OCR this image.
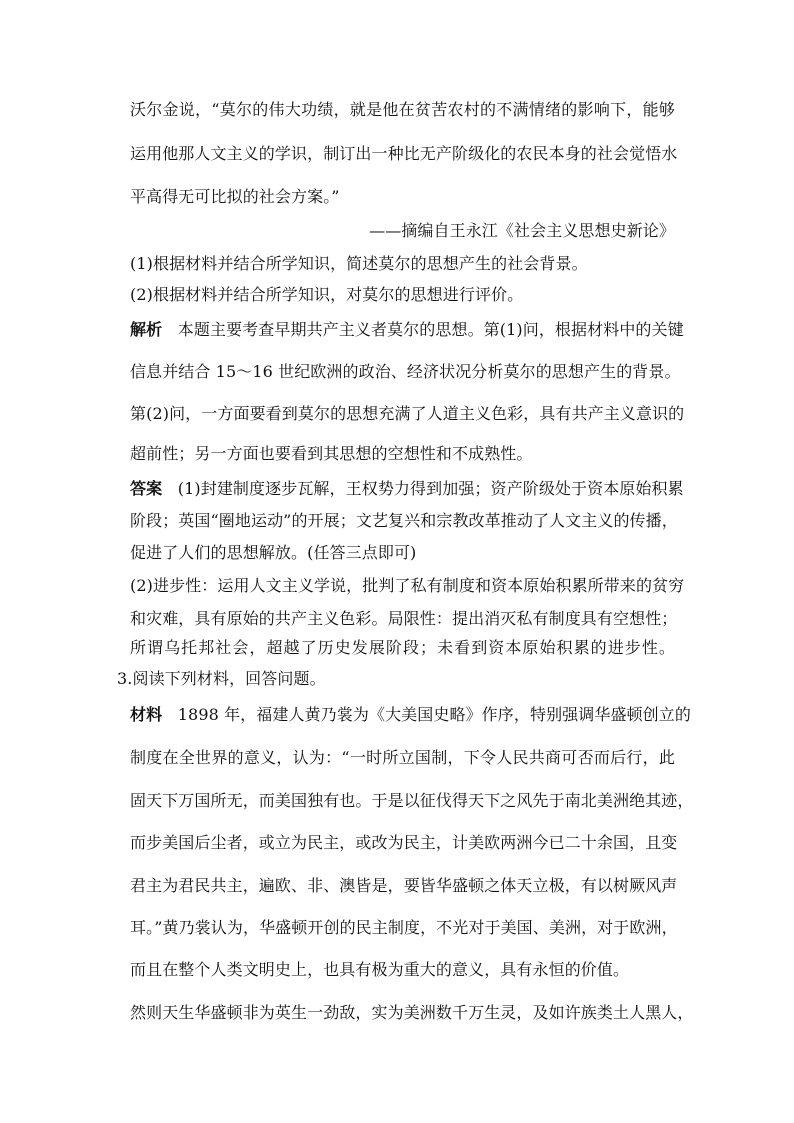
沃尔金说，“莫尔的伟大功绩，就是他在贫苦农村的不满情绪的影响下，能够
运用他那人文主义的学识，制订出一种比无产阶级化的农民本身的社会觉悟水
平高得无可比拟的社会方案。”
——摘编自王永江《社会主义思想史新论》
(1)根据材料并结合所学知识，简述莫尔的思想产生的社会背景。
(2)根据材料并结合所学知识，对莫尔的思想进行评价。
解析 本题主要考查早期共产主义者莫尔的思想。第(1)问，根据材料中的关键
信息并结合 15～16 世纪欧洲的政治、经济状况分析莫尔的思想产生的背景。
第(2)问，一方面要看到莫尔的思想充满了人道主义色彩，具有共产主义意识的
超前性；另一方面也要看到其思想的空想性和不成熟性。
答案 (1)封建制度逐步瓦解，王权势力得到加强；资产阶级处于资本原始积累
阶段；英国“圈地运动”的开展；文艺复兴和宗教改革推动了人文主义的传播，
促进了人们的思想解放。(任答三点即可)
(2)进步性：运用人文主义学说，批判了私有制度和资本原始积累所带来的贫穷
和灾难，具有原始的共产主义色彩。局限性：提出消灭私有制度具有空想性；
所谓乌托邦社会，超越了历史发展阶段；未看到资本原始积累的进步性。
3.阅读下列材料，回答问题。
材料 1898 年，福建人黄乃裳为《大美国史略》作序，特别强调华盛顿创立的
制度在全世界的意义，认为：“一时所立国制，下令人民共商可否而后行，此
固天下万国所无，而美国独有也。于是以征伐得天下之风先于南北美洲绝其迹，
而步美国后尘者，或立为民主，或改为民主，计美欧两洲今已二十余国，且变
君主为君民共主，遍欧、非、澳皆是，要皆华盛顿之体天立极，有以树厥风声
耳。”黄乃裳认为，华盛顿开创的民主制度，不光对于美国、美洲，对于欧洲，
而且在整个人类文明史上，也具有极为重大的意义，具有永恒的价值。
然则天生华盛顿非为英生一劲敌，实为美洲数千万生灵，及如许族类土人黑人，
